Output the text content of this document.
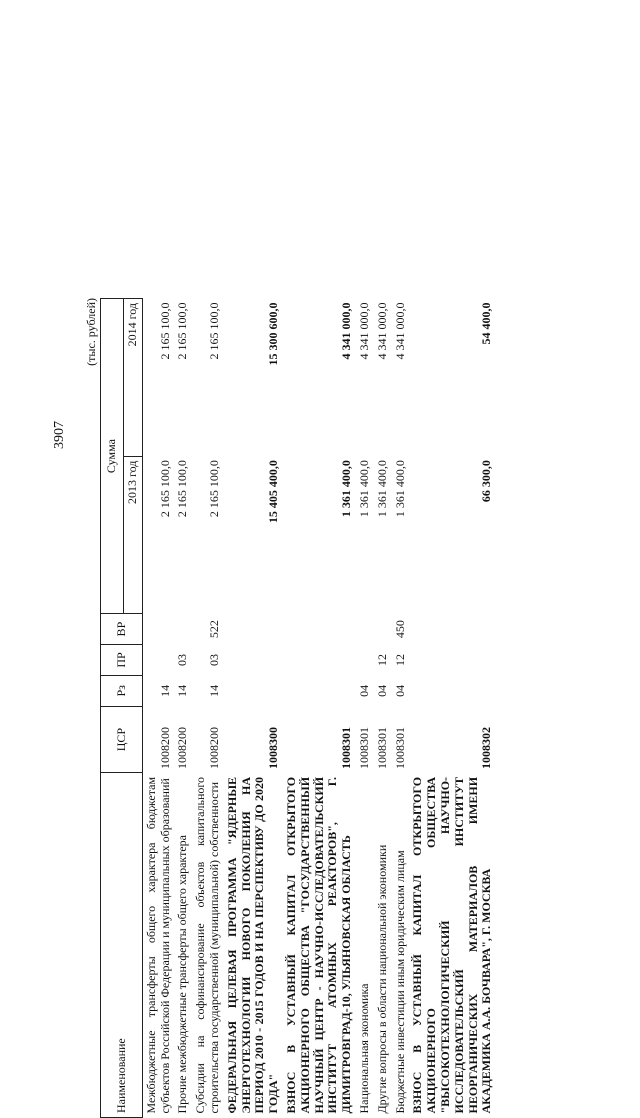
3907
(тыс. рублей)
Наименование	ЦСР	Рз	ПР	ВР	Сумма	
					2013 год	2014 год
Межбюджетные трансферты общего характера бюджетам субъектов Российской Федерации и муниципальных образований	1008200	14			2 165 100,0	2 165 100,0
Прочие межбюджетные трансферты общего характера	1008200	14	03		2 165 100,0	2 165 100,0
Субсидии на софинансирование объектов капитального строительства государственной (муниципальной) собственности	1008200	14	03	522	2 165 100,0	2 165 100,0
ФЕДЕРАЛЬНАЯ ЦЕЛЕВАЯ ПРОГРАММА "ЯДЕРНЫЕ ЭНЕРГОТЕХНОЛОГИИ НОВОГО ПОКОЛЕНИЯ НА ПЕРИОД 2010 - 2015 ГОДОВ И НА ПЕРСПЕКТИВУ ДО 2020 ГОДА"	1008300				15 405 400,0	15 300 600,0
ВЗНОС В УСТАВНЫЙ КАПИТАЛ ОТКРЫТОГО АКЦИОНЕРНОГО ОБЩЕСТВА "ГОСУДАРСТВЕННЫЙ НАУЧНЫЙ ЦЕНТР - НАУЧНО-ИССЛЕДОВАТЕЛЬСКИЙ ИНСТИТУТ АТОМНЫХ РЕАКТОРОВ", Г. ДИМИТРОВГРАД-10, УЛЬЯНОВСКАЯ ОБЛАСТЬ	1008301				1 361 400,0	4 341 000,0
Национальная экономика	1008301	04			1 361 400,0	4 341 000,0
Другие вопросы в области национальной экономики	1008301	04	12		1 361 400,0	4 341 000,0
Бюджетные инвестиции иным юридическим лицам	1008301	04	12	450	1 361 400,0	4 341 000,0
ВЗНОС В УСТАВНЫЙ КАПИТАЛ ОТКРЫТОГО АКЦИОНЕРНОГО ОБЩЕСТВА "ВЫСОКОТЕХНОЛОГИЧЕСКИЙ НАУЧНО-ИССЛЕДОВАТЕЛЬСКИЙ ИНСТИТУТ НЕОРГАНИЧЕСКИХ МАТЕРИАЛОВ ИМЕНИ АКАДЕМИКА А.А. БОЧВАРА", Г. МОСКВА	1008302				66 300,0	54 400,0
